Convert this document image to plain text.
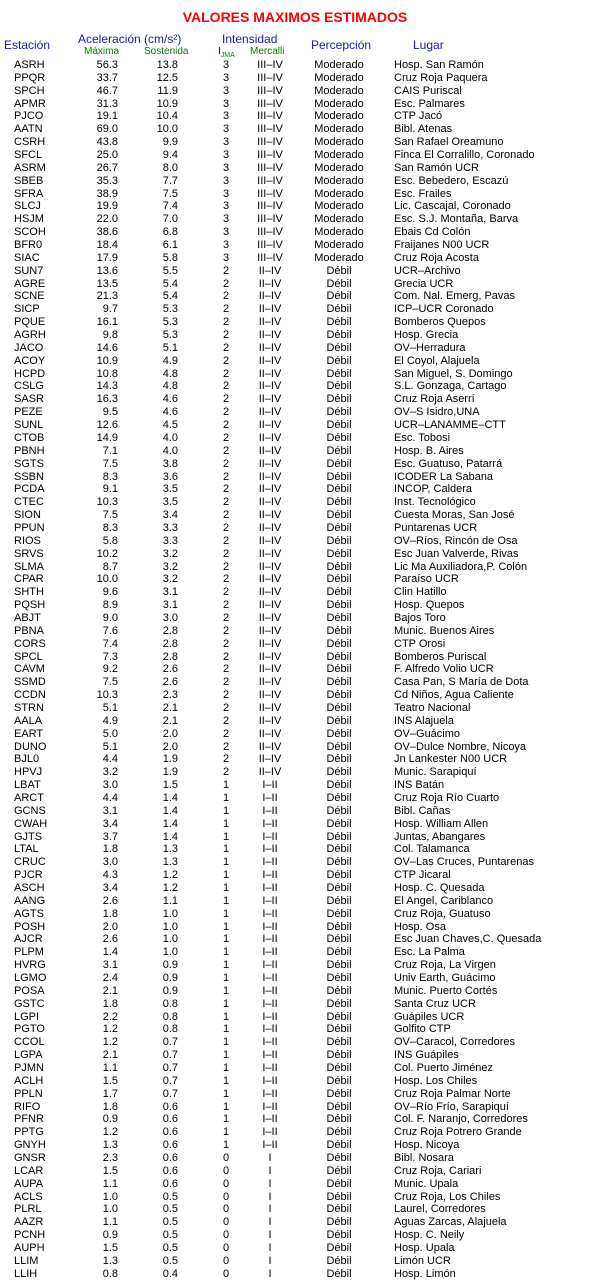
VALORES MAXIMOS ESTIMADOS
Estación Aceleración (cm/s²)
Máxima Sostenida
Intensidad
$I_{JMA}$ Mercalli Percepción	Lugar
ASRH	56.3	13.8	3	III–IV	Moderado	Hosp. San Ramón
PPQR	33.7	12.5	3	III–IV	Moderado	Cruz Roja Paquera
SPCH	46.7	11.9	3	III–IV	Moderado	CAIS Puriscal
APMR	31.3	10.9	3	III–IV	Moderado	Esc. Palmares
PJCO	19.1	10.4	3	III–IV	Moderado	CTP Jacó
AATN	69.0	10.0	3	III–IV	Moderado	Bibl. Atenas
CSRH	43.8	9.9	3	III–IV	Moderado	San Rafael Oreamuno
SFCL	25.0	9.4	3	III–IV	Moderado	Finca El Corralillo, Coronado
ASRM	26.7	8.0	3	III–IV	Moderado	San Ramón UCR
SBEB	35.3	7.7	3	III–IV	Moderado	Esc. Bebedero, Escazú
SFRA	38.9	7.5	3	III–IV	Moderado	Esc. Frailes
SLCJ	19.9	7.4	3	III–IV	Moderado	Lic. Cascajal, Coronado
HSJM	22.0	7.0	3	III–IV	Moderado	Esc. S.J. Montaña, Barva
SCOH	38.6	6.8	3	III–IV	Moderado	Ebais Cd Colón
BFR0	18.4	6.1	3	III–IV	Moderado	Fraijanes N00 UCR
SIAC	17.9	5.8	3	III–IV	Moderado	Cruz Roja Acosta
SUN7	13.6	5.5	2	II–IV	Débil	UCR–Archivo
AGRE	13.5	5.4	2	II–IV	Débil	Grecia UCR
SCNE	21.3	5.4	2	II–IV	Débil	Com. Nal. Emerg, Pavas
SICP	9.7	5.3	2	II–IV	Débil	ICP–UCR Coronado
PQUE	16.1	5.3	2	II–IV	Débil	Bomberos Quepos
AGRH	9.8	5.3	2	II–IV	Débil	Hosp. Grecia
JACO	14.6	5.1	2	II–IV	Débil	OV–Herradura
ACOY	10.9	4.9	2	II–IV	Débil	El Coyol, Alajuela
HCPD	10.8	4.8	2	II–IV	Débil	San Miguel, S. Domingo
CSLG	14.3	4.8	2	II–IV	Débil	S.L. Gonzaga, Cartago
SASR	16.3	4.6	2	II–IV	Débil	Cruz Roja Aserrí
PEZE	9.5	4.6	2	II–IV	Débil	OV–S Isidro,UNA
SUNL	12.6	4.5	2	II–IV	Débil	UCR–LANAMME–CTT
CTOB	14.9	4.0	2	II–IV	Débil	Esc. Tobosi
PBNH	7.1	4.0	2	II–IV	Débil	Hosp. B. Aires
SGTS	7.5	3.8	2	II–IV	Débil	Esc. Guatuso, Patarrá
SSBN	8.3	3.6	2	II–IV	Débil	ICODER La Sabana
PCDA	9.1	3.5	2	II–IV	Débil	INCOP, Caldera
CTEC	10.3	3.5	2	II–IV	Débil	Inst. Tecnológico
SION	7.5	3.4	2	II–IV	Débil	Cuesta Moras, San José
PPUN	8.3	3.3	2	II–IV	Débil	Puntarenas UCR
RIOS	5.8	3.3	2	II–IV	Débil	OV–Ríos, Rincón de Osa
SRVS	10.2	3.2	2	II–IV	Débil	Esc Juan Valverde, Rivas
SLMA	8.7	3.2	2	II–IV	Débil	Lic Ma Auxiliadora,P. Colón
CPAR	10.0	3.2	2	II–IV	Débil	Paraíso UCR
SHTH	9.6	3.1	2	II–IV	Débil	Clin Hatillo
PQSH	8.9	3.1	2	II–IV	Débil	Hosp. Quepos
ABJT	9.0	3.0	2	II–IV	Débil	Bajos Toro
PBNA	7.6	2.8	2	II–IV	Débil	Munic. Buenos Aires
CORS	7.4	2.8	2	II–IV	Débil	CTP Orosi
SPCL	7.3	2.8	2	II–IV	Débil	Bomberos Puriscal
CAVM	9.2	2.6	2	II–IV	Débil	F. Alfredo Volio UCR
SSMD	7.5	2.6	2	II–IV	Débil	Casa Pan, S María de Dota
CCDN	10.3	2.3	2	II–IV	Débil	Cd Niños, Agua Caliente
STRN	5.1	2.1	2	II–IV	Débil	Teatro Nacional
AALA	4.9	2.1	2	II–IV	Débil	INS Alajuela
EART	5.0	2.0	2	II–IV	Débil	OV–Guácimo
DUNO	5.1	2.0	2	II–IV	Débil	OV–Dulce Nombre, Nicoya
BJL0	4.4	1.9	2	II–IV	Débil	Jn Lankester N00 UCR
HPVJ	3.2	1.9	2	II–IV	Débil	Munic. Sarapiquí
LBAT	3.0	1.5	1	I–II	Débil	INS Batán
ARCT	4.4	1.4	1	I–II	Débil	Cruz Roja Río Cuarto
GCNS	3.1	1.4	1	I–II	Débil	Bibl. Cañas
CWAH	3.4	1.4	1	I–II	Débil	Hosp. William Allen
GJTS	3.7	1.4	1	I–II	Débil	Juntas, Abangares
LTAL	1.8	1.3	1	I–II	Débil	Col. Talamanca
CRUC	3.0	1.3	1	I–II	Débil	OV–Las Cruces, Puntarenas
PJCR	4.3	1.2	1	I–II	Débil	CTP Jicaral
ASCH	3.4	1.2	1	I–II	Débil	Hosp. C. Quesada
AANG	2.6	1.1	1	I–II	Débil	El Angel, Cariblanco
AGTS	1.8	1.0	1	I–II	Débil	Cruz Roja, Guatuso
POSH	2.0	1.0	1	I–II	Débil	Hosp. Osa
AJCR	2.6	1.0	1	I–II	Débil	Esc Juan Chaves,C. Quesada
PLPM	1.4	1.0	1	I–II	Débil	Esc. La Palma
HVRG	3.1	0.9	1	I–II	Débil	Cruz Roja, La Virgen
LGMO	2.4	0.9	1	I–II	Débil	Univ Earth, Guácimo
POSA	2.1	0.9	1	I–II	Débil	Munic. Puerto Cortés
GSTC	1.8	0.8	1	I–II	Débil	Santa Cruz UCR
LGPI	2.2	0.8	1	I–II	Débil	Guápiles UCR
PGTO	1.2	0.8	1	I–II	Débil	Golfito CTP
CCOL	1.2	0.7	1	I–II	Débil	OV–Caracol, Corredores
LGPA	2.1	0.7	1	I–II	Débil	INS Guápiles
PJMN	1.1	0.7	1	I–II	Débil	Col. Puerto Jiménez
ACLH	1.5	0.7	1	I–II	Débil	Hosp. Los Chiles
PPLN	1.7	0.7	1	I–II	Débil	Cruz Roja Palmar Norte
RIFO	1.8	0.6	1	I–II	Débil	OV–Río Frío, Sarapiquí
PFNR	0.9	0.6	1	I–II	Débil	Col. F. Naranjo, Corredores
PPTG	1.2	0.6	1	I–II	Débil	Cruz Roja Potrero Grande
GNYH	1.3	0.6	1	I–II	Débil	Hosp. Nicoya
GNSR	2.3	0.6	0	I	Débil	Bibl. Nosara
LCAR	1.5	0.6	0	I	Débil	Cruz Roja, Cariari
AUPA	1.1	0.6	0	I	Débil	Munic. Upala
ACLS	1.0	0.5	0	I	Débil	Cruz Roja, Los Chiles
PLRL	1.0	0.5	0	I	Débil	Laurel, Corredores
AAZR	1.1	0.5	0	I	Débil	Aguas Zarcas, Alajuela
PCNH	0.9	0.5	0	I	Débil	Hosp. C. Neily
AUPH	1.5	0.5	0	I	Débil	Hosp. Upala
LLIM	1.3	0.5	0	I	Débil	Limón UCR
LLIH	0.8	0.4	0	I	Débil	Hosp. Limón
